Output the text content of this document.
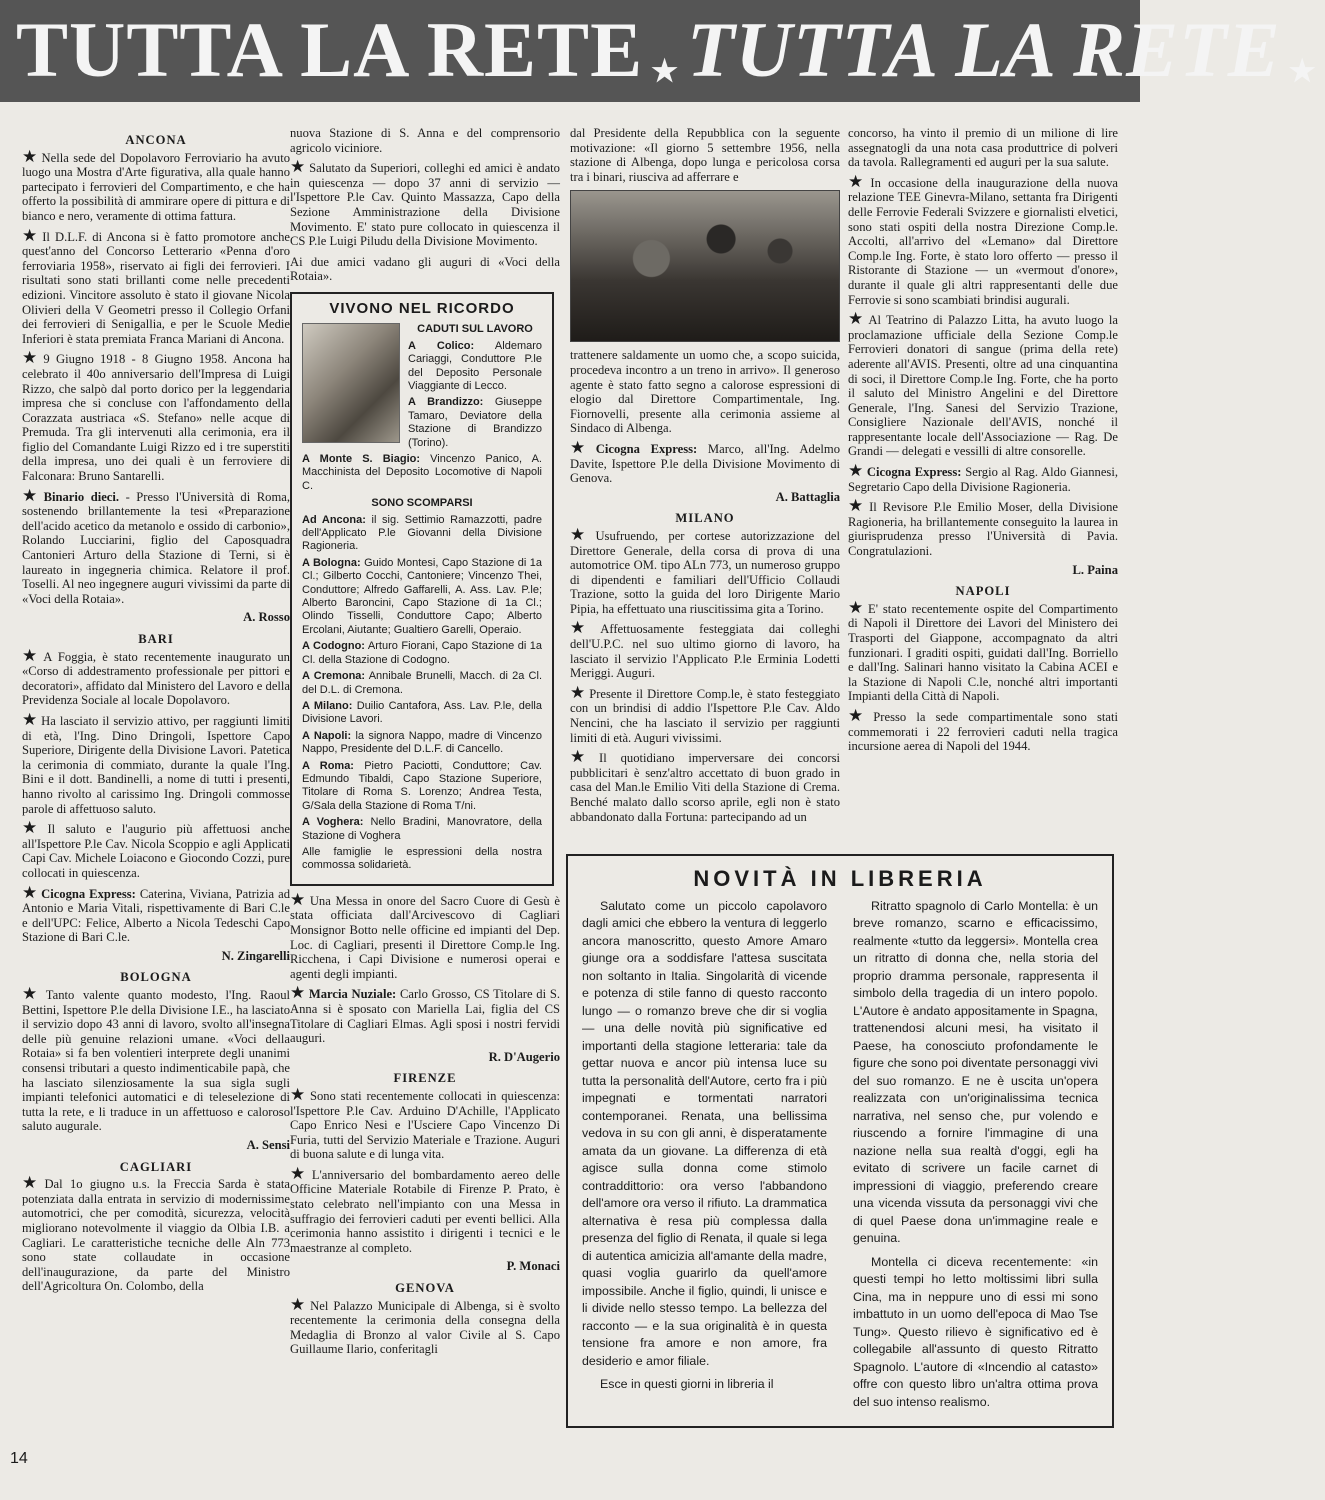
TUTTA LA RETE ★ TUTTA LA RETE ★
ANCONA
★ Nella sede del Dopolavoro Ferroviario ha avuto luogo una Mostra d'Arte figurativa, alla quale hanno partecipato i ferrovieri del Compartimento, e che ha offerto la possibilità di ammirare opere di pittura e di bianco e nero, veramente di ottima fattura.
★ Il D.L.F. di Ancona si è fatto promotore anche quest'anno del Concorso Letterario «Penna d'oro ferroviaria 1958», riservato ai figli dei ferrovieri. I risultati sono stati brillanti come nelle precedenti edizioni. Vincitore assoluto è stato il giovane Nicola Olivieri della V Geometri presso il Collegio Orfani dei ferrovieri di Senigallia, e per le Scuole Medie Inferiori è stata premiata Franca Mariani di Ancona.
★ 9 Giugno 1918 - 8 Giugno 1958. Ancona ha celebrato il 40o anniversario dell'Impresa di Luigi Rizzo, che salpò dal porto dorico per la leggendaria impresa che si concluse con l'affondamento della Corazzata austriaca «S. Stefano» nelle acque di Premuda. Tra gli intervenuti alla cerimonia, era il figlio del Comandante Luigi Rizzo ed i tre superstiti della impresa, uno dei quali è un ferroviere di Falconara: Bruno Santarelli.
★ Binario dieci. - Presso l'Università di Roma, sostenendo brillantemente la tesi «Preparazione dell'acido acetico da metanolo e ossido di carbonio», Rolando Lucciarini, figlio del Caposquadra Cantonieri Arturo della Stazione di Terni, si è laureato in ingegneria chimica. Relatore il prof. Toselli. Al neo ingegnere auguri vivissimi da parte di «Voci della Rotaia».
A. Rosso
BARI
★ A Foggia, è stato recentemente inaugurato un «Corso di addestramento professionale per pittori e decoratori», affidato dal Ministero del Lavoro e della Previdenza Sociale al locale Dopolavoro.
★ Ha lasciato il servizio attivo, per raggiunti limiti di età, l'Ing. Dino Dringoli, Ispettore Capo Superiore, Dirigente della Divisione Lavori. Patetica la cerimonia di commiato, durante la quale l'Ing. Bini e il dott. Bandinelli, a nome di tutti i presenti, hanno rivolto al carissimo Ing. Dringoli commosse parole di affettuoso saluto.
★ Il saluto e l'augurio più affettuosi anche all'Ispettore P.le Cav. Nicola Scoppio e agli Applicati Capi Cav. Michele Loiacono e Giocondo Cozzi, pure collocati in quiescenza.
★ Cicogna Express: Caterina, Viviana, Patrizia ad Antonio e Maria Vitali, rispettivamente di Bari C.le e dell'UPC: Felice, Alberto a Nicola Tedeschi Capo Stazione di Bari C.le.
N. Zingarelli
BOLOGNA
★ Tanto valente quanto modesto, l'Ing. Raoul Bettini, Ispettore P.le della Divisione I.E., ha lasciato il servizio dopo 43 anni di lavoro, svolto all'insegna delle più genuine relazioni umane. «Voci della Rotaia» si fa ben volentieri interprete degli unanimi consensi tributari a questo indimenticabile papà, che ha lasciato silenziosamente la sua sigla sugli impianti telefonici automatici e di teleselezione di tutta la rete, e li traduce in un affettuoso e caloroso saluto augurale.
A. Sensi
CAGLIARI
★ Dal 1o giugno u.s. la Freccia Sarda è stata potenziata dalla entrata in servizio di modernissime automotrici, che per comodità, sicurezza, velocità migliorano notevolmente il viaggio da Olbia I.B. a Cagliari. Le caratteristiche tecniche delle Aln 773 sono state collaudate in occasione dell'inaugurazione, da parte del Ministro dell'Agricoltura On. Colombo, della
nuova Stazione di S. Anna e del comprensorio agricolo viciniore.
★ Salutato da Superiori, colleghi ed amici è andato in quiescenza — dopo 37 anni di servizio — l'Ispettore P.le Cav. Quinto Massazza, Capo della Sezione Amministrazione della Divisione Movimento. E' stato pure collocato in quiescenza il CS P.le Luigi Piludu della Divisione Movimento.
Ai due amici vadano gli auguri di «Voci della Rotaia».
VIVONO NEL RICORDO
CADUTI SUL LAVORO
A Colico: Aldemaro Cariaggi, Conduttore P.le del Deposito Personale Viaggiante di Lecco.
A Brandizzo: Giuseppe Tamaro, Deviatore della Stazione di Brandizzo (Torino).
A Monte S. Biagio: Vincenzo Panico, A. Macchinista del Deposito Locomotive di Napoli C.
SONO SCOMPARSI
Ad Ancona: il sig. Settimio Ramazzotti, padre dell'Applicato P.le Giovanni della Divisione Ragioneria.
A Bologna: Guido Montesi, Capo Stazione di 1a Cl.; Gilberto Cocchi, Cantoniere; Vincenzo Thei, Conduttore; Alfredo Gaffarelli, A. Ass. Lav. P.le; Alberto Baroncini, Capo Stazione di 1a Cl.; Olindo Tisselli, Conduttore Capo; Alberto Ercolani, Aiutante; Gualtiero Garelli, Operaio.
A Codogno: Arturo Fiorani, Capo Stazione di 1a Cl. della Stazione di Codogno.
A Cremona: Annibale Brunelli, Macch. di 2a Cl. del D.L. di Cremona.
A Milano: Duilio Cantafora, Ass. Lav. P.le, della Divisione Lavori.
A Napoli: la signora Nappo, madre di Vincenzo Nappo, Presidente del D.L.F. di Cancello.
A Roma: Pietro Paciotti, Conduttore; Cav. Edmundo Tibaldi, Capo Stazione Superiore, Titolare di Roma S. Lorenzo; Andrea Testa, G/Sala della Stazione di Roma T/ni.
A Voghera: Nello Bradini, Manovratore, della Stazione di Voghera
Alle famiglie le espressioni della nostra commossa solidarietà.
★ Una Messa in onore del Sacro Cuore di Gesù è stata officiata dall'Arcivescovo di Cagliari Monsignor Botto nelle officine ed impianti del Dep. Loc. di Cagliari, presenti il Direttore Comp.le Ing. Ricchena, i Capi Divisione e numerosi operai e agenti degli impianti.
★ Marcia Nuziale: Carlo Grosso, CS Titolare di S. Anna si è sposato con Mariella Lai, figlia del CS Titolare di Cagliari Elmas. Agli sposi i nostri fervidi auguri.
R. D'Augerio
FIRENZE
★ Sono stati recentemente collocati in quiescenza: l'Ispettore P.le Cav. Arduino D'Achille, l'Applicato Capo Enrico Nesi e l'Usciere Capo Vincenzo Di Furia, tutti del Servizio Materiale e Trazione. Auguri di buona salute e di lunga vita.
★ L'anniversario del bombardamento aereo delle Officine Materiale Rotabile di Firenze P. Prato, è stato celebrato nell'impianto con una Messa in suffragio dei ferrovieri caduti per eventi bellici. Alla cerimonia hanno assistito i dirigenti i tecnici e le maestranze al completo.
P. Monaci
GENOVA
★ Nel Palazzo Municipale di Albenga, si è svolto recentemente la cerimonia della consegna della Medaglia di Bronzo al valor Civile al S. Capo Guillaume Ilario, conferitagli
dal Presidente della Repubblica con la seguente motivazione: «Il giorno 5 settembre 1956, nella stazione di Albenga, dopo lunga e pericolosa corsa tra i binari, riusciva ad afferrare e
trattenere saldamente un uomo che, a scopo suicida, procedeva incontro a un treno in arrivo». Il generoso agente è stato fatto segno a calorose espressioni di elogio dal Direttore Compartimentale, Ing. Fiornovelli, presente alla cerimonia assieme al Sindaco di Albenga.
★ Cicogna Express: Marco, all'Ing. Adelmo Davite, Ispettore P.le della Divisione Movimento di Genova.
A. Battaglia
MILANO
★ Usufruendo, per cortese autorizzazione del Direttore Generale, della corsa di prova di una automotrice OM. tipo ALn 773, un numeroso gruppo di dipendenti e familiari dell'Ufficio Collaudi Trazione, sotto la guida del loro Dirigente Mario Pipia, ha effettuato una riuscitissima gita a Torino.
★ Affettuosamente festeggiata dai colleghi dell'U.P.C. nel suo ultimo giorno di lavoro, ha lasciato il servizio l'Applicato P.le Erminia Lodetti Meriggi. Auguri.
★ Presente il Direttore Comp.le, è stato festeggiato con un brindisi di addio l'Ispettore P.le Cav. Aldo Nencini, che ha lasciato il servizio per raggiunti limiti di età. Auguri vivissimi.
★ Il quotidiano imperversare dei concorsi pubblicitari è senz'altro accettato di buon grado in casa del Man.le Emilio Viti della Stazione di Crema. Benché malato dallo scorso aprile, egli non è stato abbandonato dalla Fortuna: partecipando ad un
concorso, ha vinto il premio di un milione di lire assegnatogli da una nota casa produttrice di polveri da tavola. Rallegramenti ed auguri per la sua salute.
★ In occasione della inaugurazione della nuova relazione TEE Ginevra-Milano, settanta fra Dirigenti delle Ferrovie Federali Svizzere e giornalisti elvetici, sono stati ospiti della nostra Direzione Comp.le. Accolti, all'arrivo del «Lemano» dal Direttore Comp.le Ing. Forte, è stato loro offerto — presso il Ristorante di Stazione — un «vermout d'onore», durante il quale gli altri rappresentanti delle due Ferrovie si sono scambiati brindisi augurali.
★ Al Teatrino di Palazzo Litta, ha avuto luogo la proclamazione ufficiale della Sezione Comp.le Ferrovieri donatori di sangue (prima della rete) aderente all'AVIS. Presenti, oltre ad una cinquantina di soci, il Direttore Comp.le Ing. Forte, che ha porto il saluto del Ministro Angelini e del Direttore Generale, l'Ing. Sanesi del Servizio Trazione, Consigliere Nazionale dell'AVIS, nonché il rappresentante locale dell'Associazione — Rag. De Grandi — delegati e vessilli di altre consorelle.
★ Cicogna Express: Sergio al Rag. Aldo Giannesi, Segretario Capo della Divisione Ragioneria.
★ Il Revisore P.le Emilio Moser, della Divisione Ragioneria, ha brillantemente conseguito la laurea in giurisprudenza presso l'Università di Pavia. Congratulazioni.
L. Paina
NAPOLI
★ E' stato recentemente ospite del Compartimento di Napoli il Direttore dei Lavori del Ministero dei Trasporti del Giappone, accompagnato da altri funzionari. I graditi ospiti, guidati dall'Ing. Borriello e dall'Ing. Salinari hanno visitato la Cabina ACEI e la Stazione di Napoli C.le, nonché altri importanti Impianti della Città di Napoli.
★ Presso la sede compartimentale sono stati commemorati i 22 ferrovieri caduti nella tragica incursione aerea di Napoli del 1944.
NOVITÀ IN LIBRERIA

Salutato come un piccolo capolavoro dagli amici che ebbero la ventura di leggerlo ancora manoscritto, questo Amore Amaro giunge ora a soddisfare l'attesa suscitata non soltanto in Italia. Singolarità di vicende e potenza di stile fanno di questo racconto lungo — o romanzo breve che dir si voglia — una delle novità più significative ed importanti della stagione letteraria: tale da gettar nuova e ancor più intensa luce su tutta la personalità dell'Autore, certo fra i più impegnati e tormentati narratori contemporanei. Renata, una bellissima vedova in su con gli anni, è disperatamente amata da un giovane. La differenza di età agisce sulla donna come stimolo contraddittorio: ora verso l'abbandono dell'amore ora verso il rifiuto. La drammatica alternativa è resa più complessa dalla presenza del figlio di Renata, il quale si lega di autentica amicizia all'amante della madre, quasi voglia guarirlo da quell'amore impossibile. Anche il figlio, quindi, li unisce e li divide nello stesso tempo. La bellezza del racconto — e la sua originalità è in questa tensione fra amore e non amore, fra desiderio e amor filiale.

Esce in questi giorni in libreria il

Ritratto spagnolo di Carlo Montella: è un breve romanzo, scarno e efficacissimo, realmente «tutto da leggersi». Montella crea un ritratto di donna che, nella storia del proprio dramma personale, rappresenta il simbolo della tragedia di un intero popolo. L'Autore è andato appositamente in Spagna, trattenendosi alcuni mesi, ha visitato il Paese, ha conosciuto profondamente le figure che sono poi diventate personaggi vivi del suo romanzo. E ne è uscita un'opera realizzata con un'originalissima tecnica narrativa, nel senso che, pur volendo e riuscendo a fornire l'immagine di una nazione nella sua realtà d'oggi, egli ha evitato di scrivere un facile carnet di impressioni di viaggio, preferendo creare una vicenda vissuta da personaggi vivi che di quel Paese dona un'immagine reale e genuina.

Montella ci diceva recentemente: «in questi tempi ho letto moltissimi libri sulla Cina, ma in neppure uno di essi mi sono imbattuto in un uomo dell'epoca di Mao Tse Tung». Questo rilievo è significativo ed è collegabile all'assunto di questo Ritratto Spagnolo. L'autore di «Incendio al catasto» offre con questo libro un'altra ottima prova del suo intenso realismo.

14
